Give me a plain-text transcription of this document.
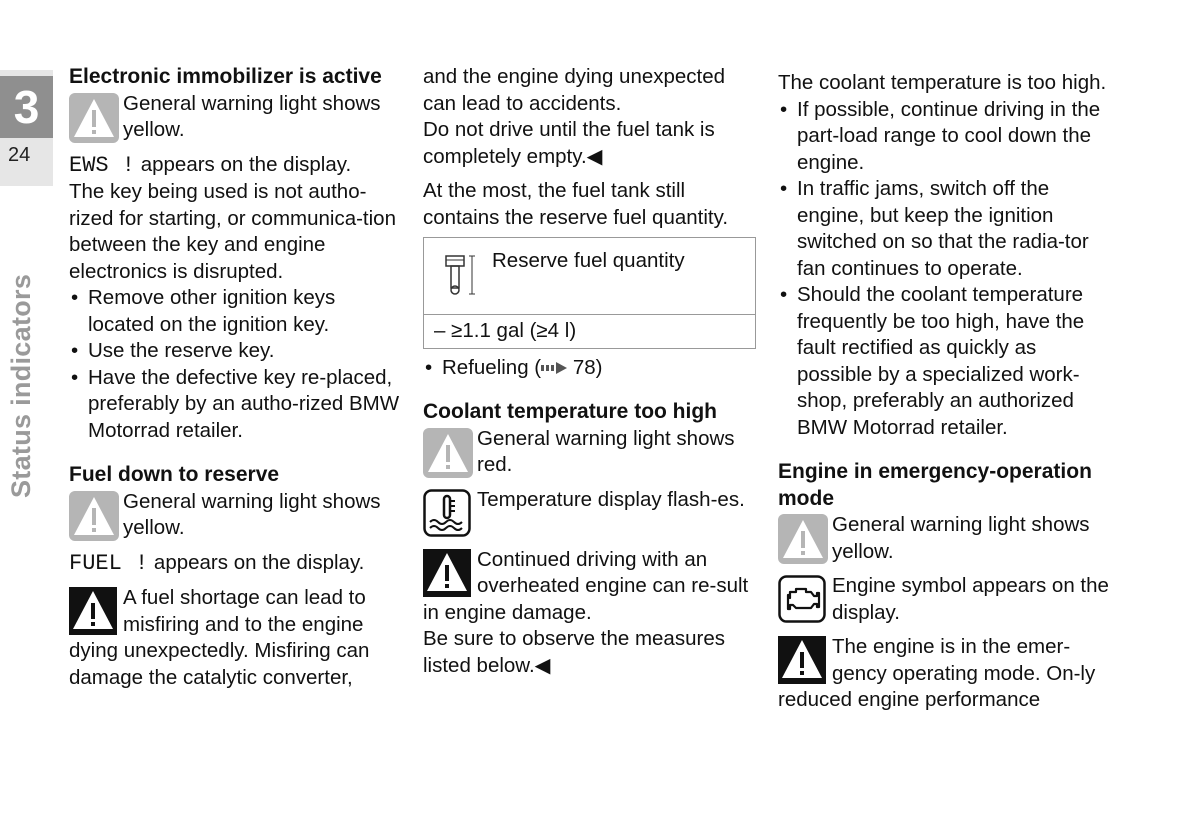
3
24
Status indicators
Electronic immobilizer is active
General warning light shows yellow.

EWS ! appears on the display.

The key being used is not autho-rized for starting, or communica-tion between the key and engine electronics is disrupted.

• Remove other ignition keys located on the ignition key.
• Use the reserve key.
• Have the defective key re-placed, preferably by an autho-rized BMW Motorrad retailer.
Fuel down to reserve
General warning light shows yellow.

FUEL ! appears on the display.

A fuel shortage can lead to misfiring and to the engine dying unexpectedly. Misfiring can damage the catalytic converter,

and the engine dying unexpected can lead to accidents.

Do not drive until the fuel tank is completely empty.◀

At the most, the fuel tank still contains the reserve fuel quantity.

Reserve fuel quantity
– ≥1.1 gal (≥4 l)
• Refueling ( 78)
Coolant temperature too high
General warning light shows red.
Temperature display flash-es.
Continued driving with an overheated engine can re-sult in engine damage.

Be sure to observe the measures listed below.◀

The coolant temperature is too high.

• If possible, continue driving in the part-load range to cool down the engine.
• In traffic jams, switch off the engine, but keep the ignition switched on so that the radia-tor fan continues to operate.
• Should the coolant temperature frequently be too high, have the fault rectified as quickly as possible by a specialized work-shop, preferably an authorized BMW Motorrad retailer.
Engine in emergency-operation mode
General warning light shows yellow.
Engine symbol appears on the display.
The engine is in the emer-gency operating mode. On-ly reduced engine performance
